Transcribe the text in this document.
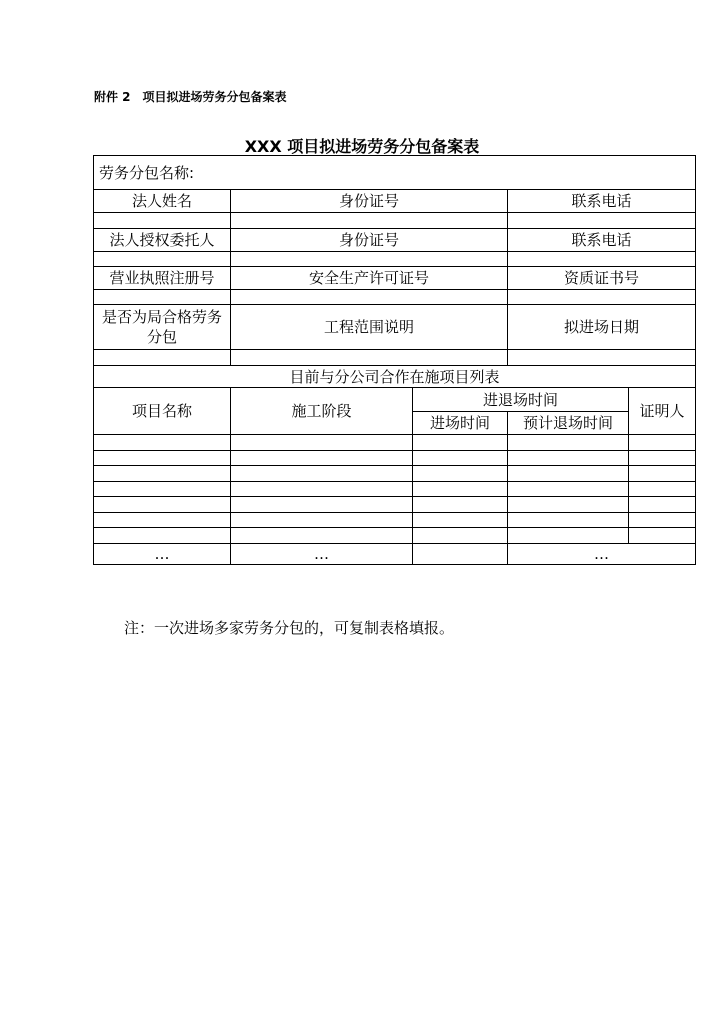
附件 2　项目拟进场劳务分包备案表
XXX 项目拟进场劳务分包备案表
劳务分包名称:				
法人姓名	身份证号		联系电话	

法人授权委托人	身份证号		联系电话	

营业执照注册号	安全生产许可证号		资质证书号	

是否为局合格劳务分包	工程范围说明		拟进场日期	

目前与分公司合作在施项目列表				
项目名称	施工阶段	进退场时间		证明人
		进场时间	预计退场时间	

…	…		…	
注：一次进场多家劳务分包的，可复制表格填报。
